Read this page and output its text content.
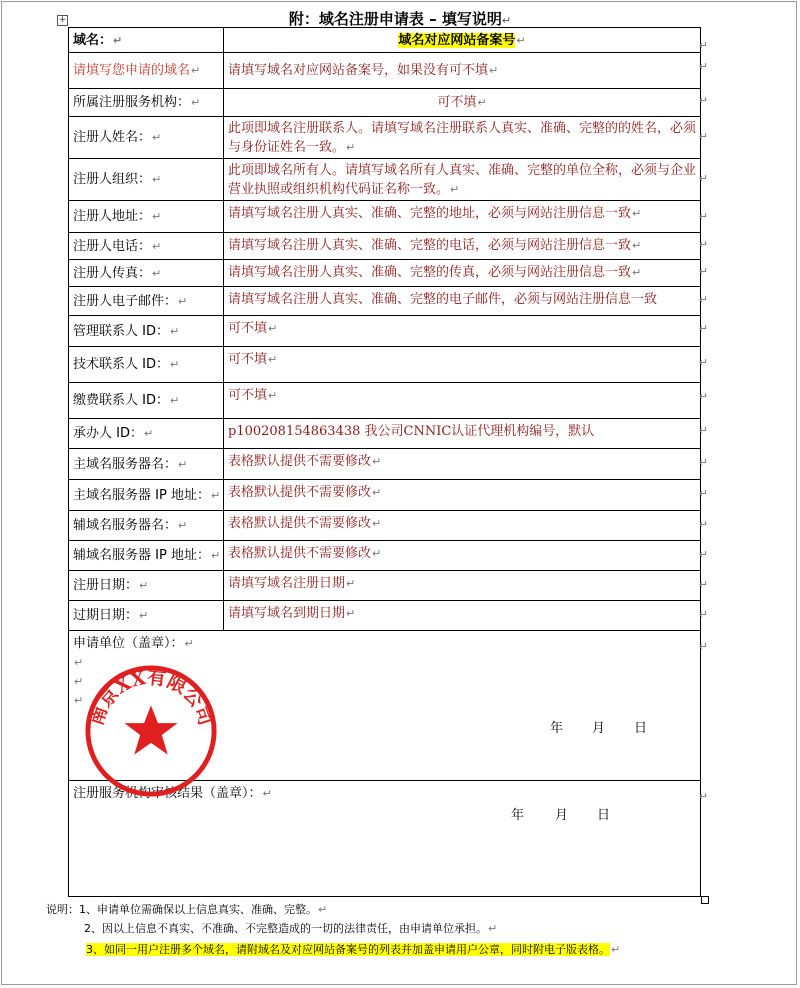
+	附：域名注册申请表 – 填写说明↵
域名：↵	域名对应网站备案号↵
请填写您申请的域名↵	请填写域名对应网站备案号，如果没有可不填↵
所属注册服务机构：↵	可不填↵
注册人姓名：↵	此项即域名注册联系人。请填写域名注册联系人真实、准确、完整的的姓名，必须与身份证姓名一致。↵
注册人组织：↵	此项即域名所有人。请填写域名所有人真实、准确、完整的单位全称，必须与企业营业执照或组织机构代码证名称一致。↵
注册人地址：↵	请填写域名注册人真实、准确、完整的地址，必须与网站注册信息一致↵
注册人电话：↵	请填写域名注册人真实、准确、完整的电话，必须与网站注册信息一致↵
注册人传真：↵	请填写域名注册人真实、准确、完整的传真，必须与网站注册信息一致↵
注册人电子邮件：↵	请填写域名注册人真实、准确、完整的电子邮件，必须与网站注册信息一致
管理联系人 ID：↵	可不填↵
技术联系人 ID：↵	可不填↵
缴费联系人 ID：↵	可不填↵
承办人 ID：↵	p100208154863438 我公司CNNIC认证代理机构编号，默认
主域名服务器名：↵	表格默认提供不需要修改↵
主域名服务器 IP 地址：↵	表格默认提供不需要修改↵
辅域名服务器名：↵	表格默认提供不需要修改↵
辅域名服务器 IP 地址：↵	表格默认提供不需要修改↵
注册日期：↵	请填写域名注册日期↵
过期日期：↵	请填写域名到期日期↵
申请单位（盖章）：↵
↵
↵
↵	
注册服务机构审核结果（盖章）：↵	
年 月 日
年 月 日
南京XX有限公司
说明：1、申请单位需确保以上信息真实、准确、完整。↵
2、因以上信息不真实、不准确、不完整造成的一切的法律责任，由申请单位承担。↵
3、如同一用户注册多个域名，请附域名及对应网站备案号的列表并加盖申请用户公章，同时附电子版表格。↵
↵
↵
↵
↵
↵
↵
↵
↵
↵
↵
↵
↵
↵
↵
↵
↵
↵
↵
↵
↵
↵
